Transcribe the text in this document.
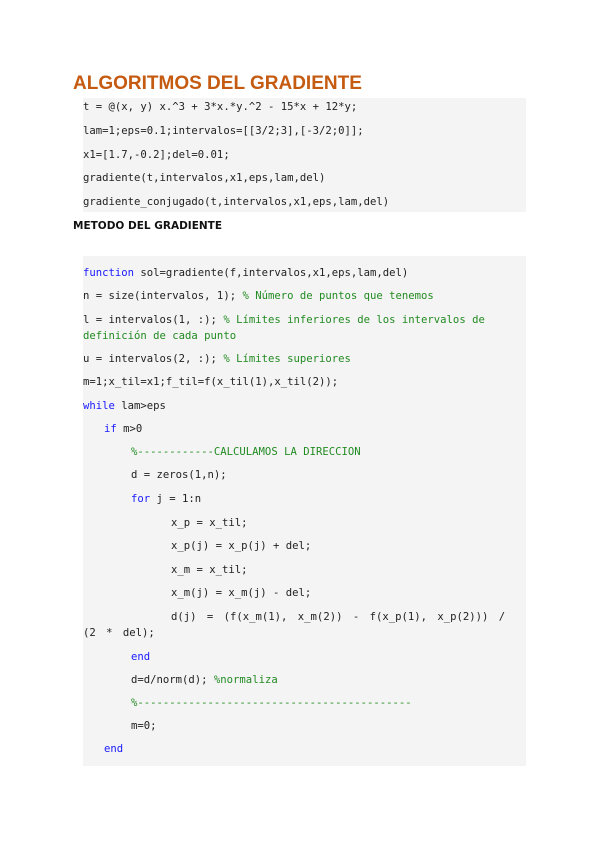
ALGORITMOS DEL GRADIENTE
t = @(x, y) x.^3 + 3*x.*y.^2 - 15*x + 12*y;
lam=1;eps=0.1;intervalos=[[3/2;3],[-3/2;0]];
x1=[1.7,-0.2];del=0.01;
gradiente(t,intervalos,x1,eps,lam,del)
gradiente_conjugado(t,intervalos,x1,eps,lam,del)
METODO DEL GRADIENTE
function sol=gradiente(f,intervalos,x1,eps,lam,del)
n = size(intervalos, 1); % Número de puntos que tenemos
l = intervalos(1, :); % Límites inferiores de los intervalos de definición de cada punto
u = intervalos(2, :); % Límites superiores
m=1;x_til=x1;f_til=f(x_til(1),x_til(2));
while lam>eps
if m>0
%------------CALCULAMOS LA DIRECCION
d = zeros(1,n);
for j = 1:n
x_p = x_til;
x_p(j) = x_p(j) + del;
x_m = x_til;
x_m(j) = x_m(j) - del;
d(j) = (f(x_m(1), x_m(2)) - f(x_p(1), x_p(2))) / (2 * del);
end
d=d/norm(d); %normaliza
%-------------------------------------------
m=0;
end
